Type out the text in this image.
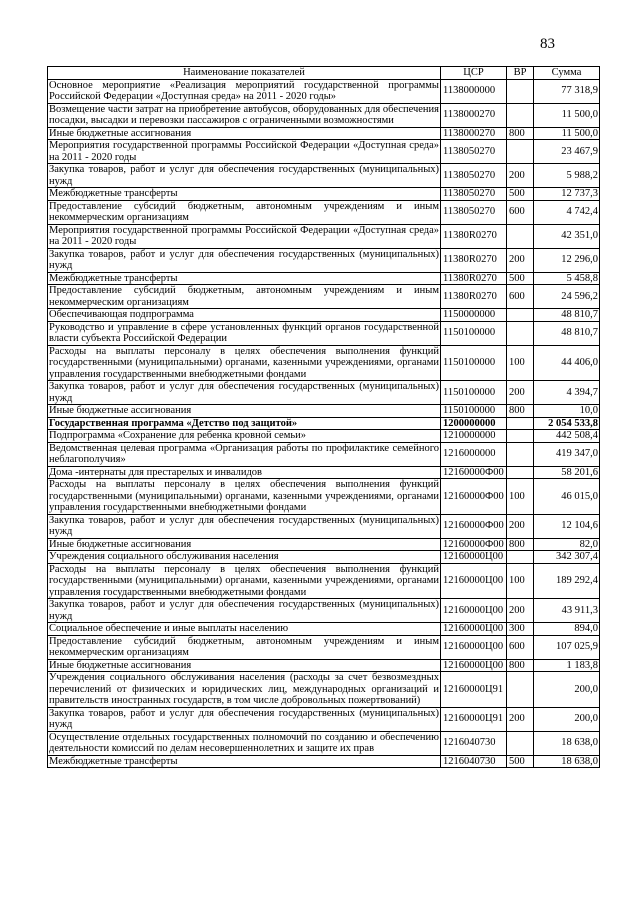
83
Наименование показателей	ЦСР	ВР	Сумма
Основное мероприятие «Реализация мероприятий государственной программы Российской Федерации «Доступная среда» на 2011 - 2020 годы»	1138000000		77 318,9
Возмещение части затрат на приобретение автобусов, оборудованных для обеспечения посадки, высадки и перевозки пассажиров с ограниченными возможностями	1138000270		11 500,0
Иные бюджетные ассигнования	1138000270	800	11 500,0
Мероприятия государственной программы Российской Федерации «Доступная среда» на 2011 - 2020 годы	1138050270		23 467,9
Закупка товаров, работ и услуг для обеспечения государственных (муниципальных) нужд	1138050270	200	5 988,2
Межбюджетные трансферты	1138050270	500	12 737,3
Предоставление субсидий бюджетным, автономным учреждениям и иным некоммерческим организациям	1138050270	600	4 742,4
Мероприятия государственной программы Российской Федерации «Доступная среда» на 2011 - 2020 годы	11380R0270		42 351,0
Закупка товаров, работ и услуг для обеспечения государственных (муниципальных) нужд	11380R0270	200	12 296,0
Межбюджетные трансферты	11380R0270	500	5 458,8
Предоставление субсидий бюджетным, автономным учреждениям и иным некоммерческим организациям	11380R0270	600	24 596,2
Обеспечивающая подпрограмма	1150000000		48 810,7
Руководство и управление в сфере установленных функций органов государственной власти субъекта Российской Федерации	1150100000		48 810,7
Расходы на выплаты персоналу в целях обеспечения выполнения функций государственными (муниципальными) органами, казенными учреждениями, органами управления государственными внебюджетными фондами	1150100000	100	44 406,0
Закупка товаров, работ и услуг для обеспечения государственных (муниципальных) нужд	1150100000	200	4 394,7
Иные бюджетные ассигнования	1150100000	800	10,0
Государственная программа «Детство под защитой»	1200000000		2 054 533,8
Подпрограмма «Сохранение для ребенка кровной семьи»	1210000000		442 508,4
Ведомственная целевая программа «Организация работы по профилактике семейного неблагополучия»	1216000000		419 347,0
Дома -интернаты для престарелых и инвалидов	12160000Ф00		58 201,6
Расходы на выплаты персоналу в целях обеспечения выполнения функций государственными (муниципальными) органами, казенными учреждениями, органами управления государственными внебюджетными фондами	12160000Ф00	100	46 015,0
Закупка товаров, работ и услуг для обеспечения государственных (муниципальных) нужд	12160000Ф00	200	12 104,6
Иные бюджетные ассигнования	12160000Ф00	800	82,0
Учреждения социального обслуживания населения	12160000Ц00		342 307,4
Расходы на выплаты персоналу в целях обеспечения выполнения функций государственными (муниципальными) органами, казенными учреждениями, органами управления государственными внебюджетными фондами	12160000Ц00	100	189 292,4
Закупка товаров, работ и услуг для обеспечения государственных (муниципальных) нужд	12160000Ц00	200	43 911,3
Социальное обеспечение и иные выплаты населению	12160000Ц00	300	894,0
Предоставление субсидий бюджетным, автономным учреждениям и иным некоммерческим организациям	12160000Ц00	600	107 025,9
Иные бюджетные ассигнования	12160000Ц00	800	1 183,8
Учреждения социального обслуживания населения (расходы за счет безвозмездных перечислений от физических и юридических лиц, международных организаций и правительств иностранных государств, в том числе добровольных пожертвований)	12160000Ц91		200,0
Закупка товаров, работ и услуг для обеспечения государственных (муниципальных) нужд	12160000Ц91	200	200,0
Осуществление отдельных государственных полномочий по созданию и обеспечению деятельности комиссий по делам несовершеннолетних и защите их прав	1216040730		18 638,0
Межбюджетные трансферты	1216040730	500	18 638,0
